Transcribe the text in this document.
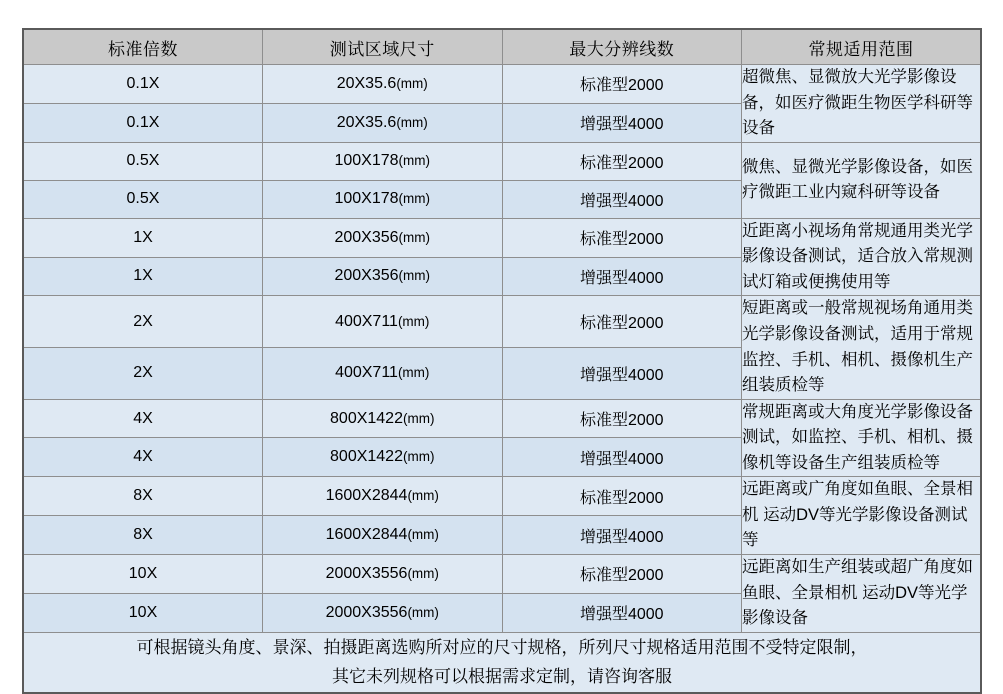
标准倍数	测试区域尺寸	最大分辨线数	常规适用范围
0.1X	20X35.6(mm)	标准型2000	超微焦、显微放大光学影像设备，如医疗微距生物医学科研等设备
0.1X	20X35.6(mm)	增强型4000	
0.5X	100X178(mm)	标准型2000	微焦、显微光学影像设备，如医疗微距工业内窥科研等设备
0.5X	100X178(mm)	增强型4000	
1X	200X356(mm)	标准型2000	近距离小视场角常规通用类光学影像设备测试，适合放入常规测试灯箱或便携使用等
1X	200X356(mm)	增强型4000	
2X	400X711(mm)	标准型2000	短距离或一般常规视场角通用类光学影像设备测试，适用于常规监控、手机、相机、摄像机生产组装质检等
2X	400X711(mm)	增强型4000	
4X	800X1422(mm)	标准型2000	常规距离或大角度光学影像设备测试，如监控、手机、相机、摄像机等设备生产组装质检等
4X	800X1422(mm)	增强型4000	
8X	1600X2844(mm)	标准型2000	远距离或广角度如鱼眼、全景相机 运动DV等光学影像设备测试等
8X	1600X2844(mm)	增强型4000	
10X	2000X3556(mm)	标准型2000	远距离如生产组装或超广角度如鱼眼、全景相机 运动DV等光学影像设备
10X	2000X3556(mm)	增强型4000	

可根据镜头角度、景深、拍摄距离选购所对应的尺寸规格，所列尺寸规格适用范围不受特定限制，
其它未列规格可以根据需求定制，请咨询客服			
